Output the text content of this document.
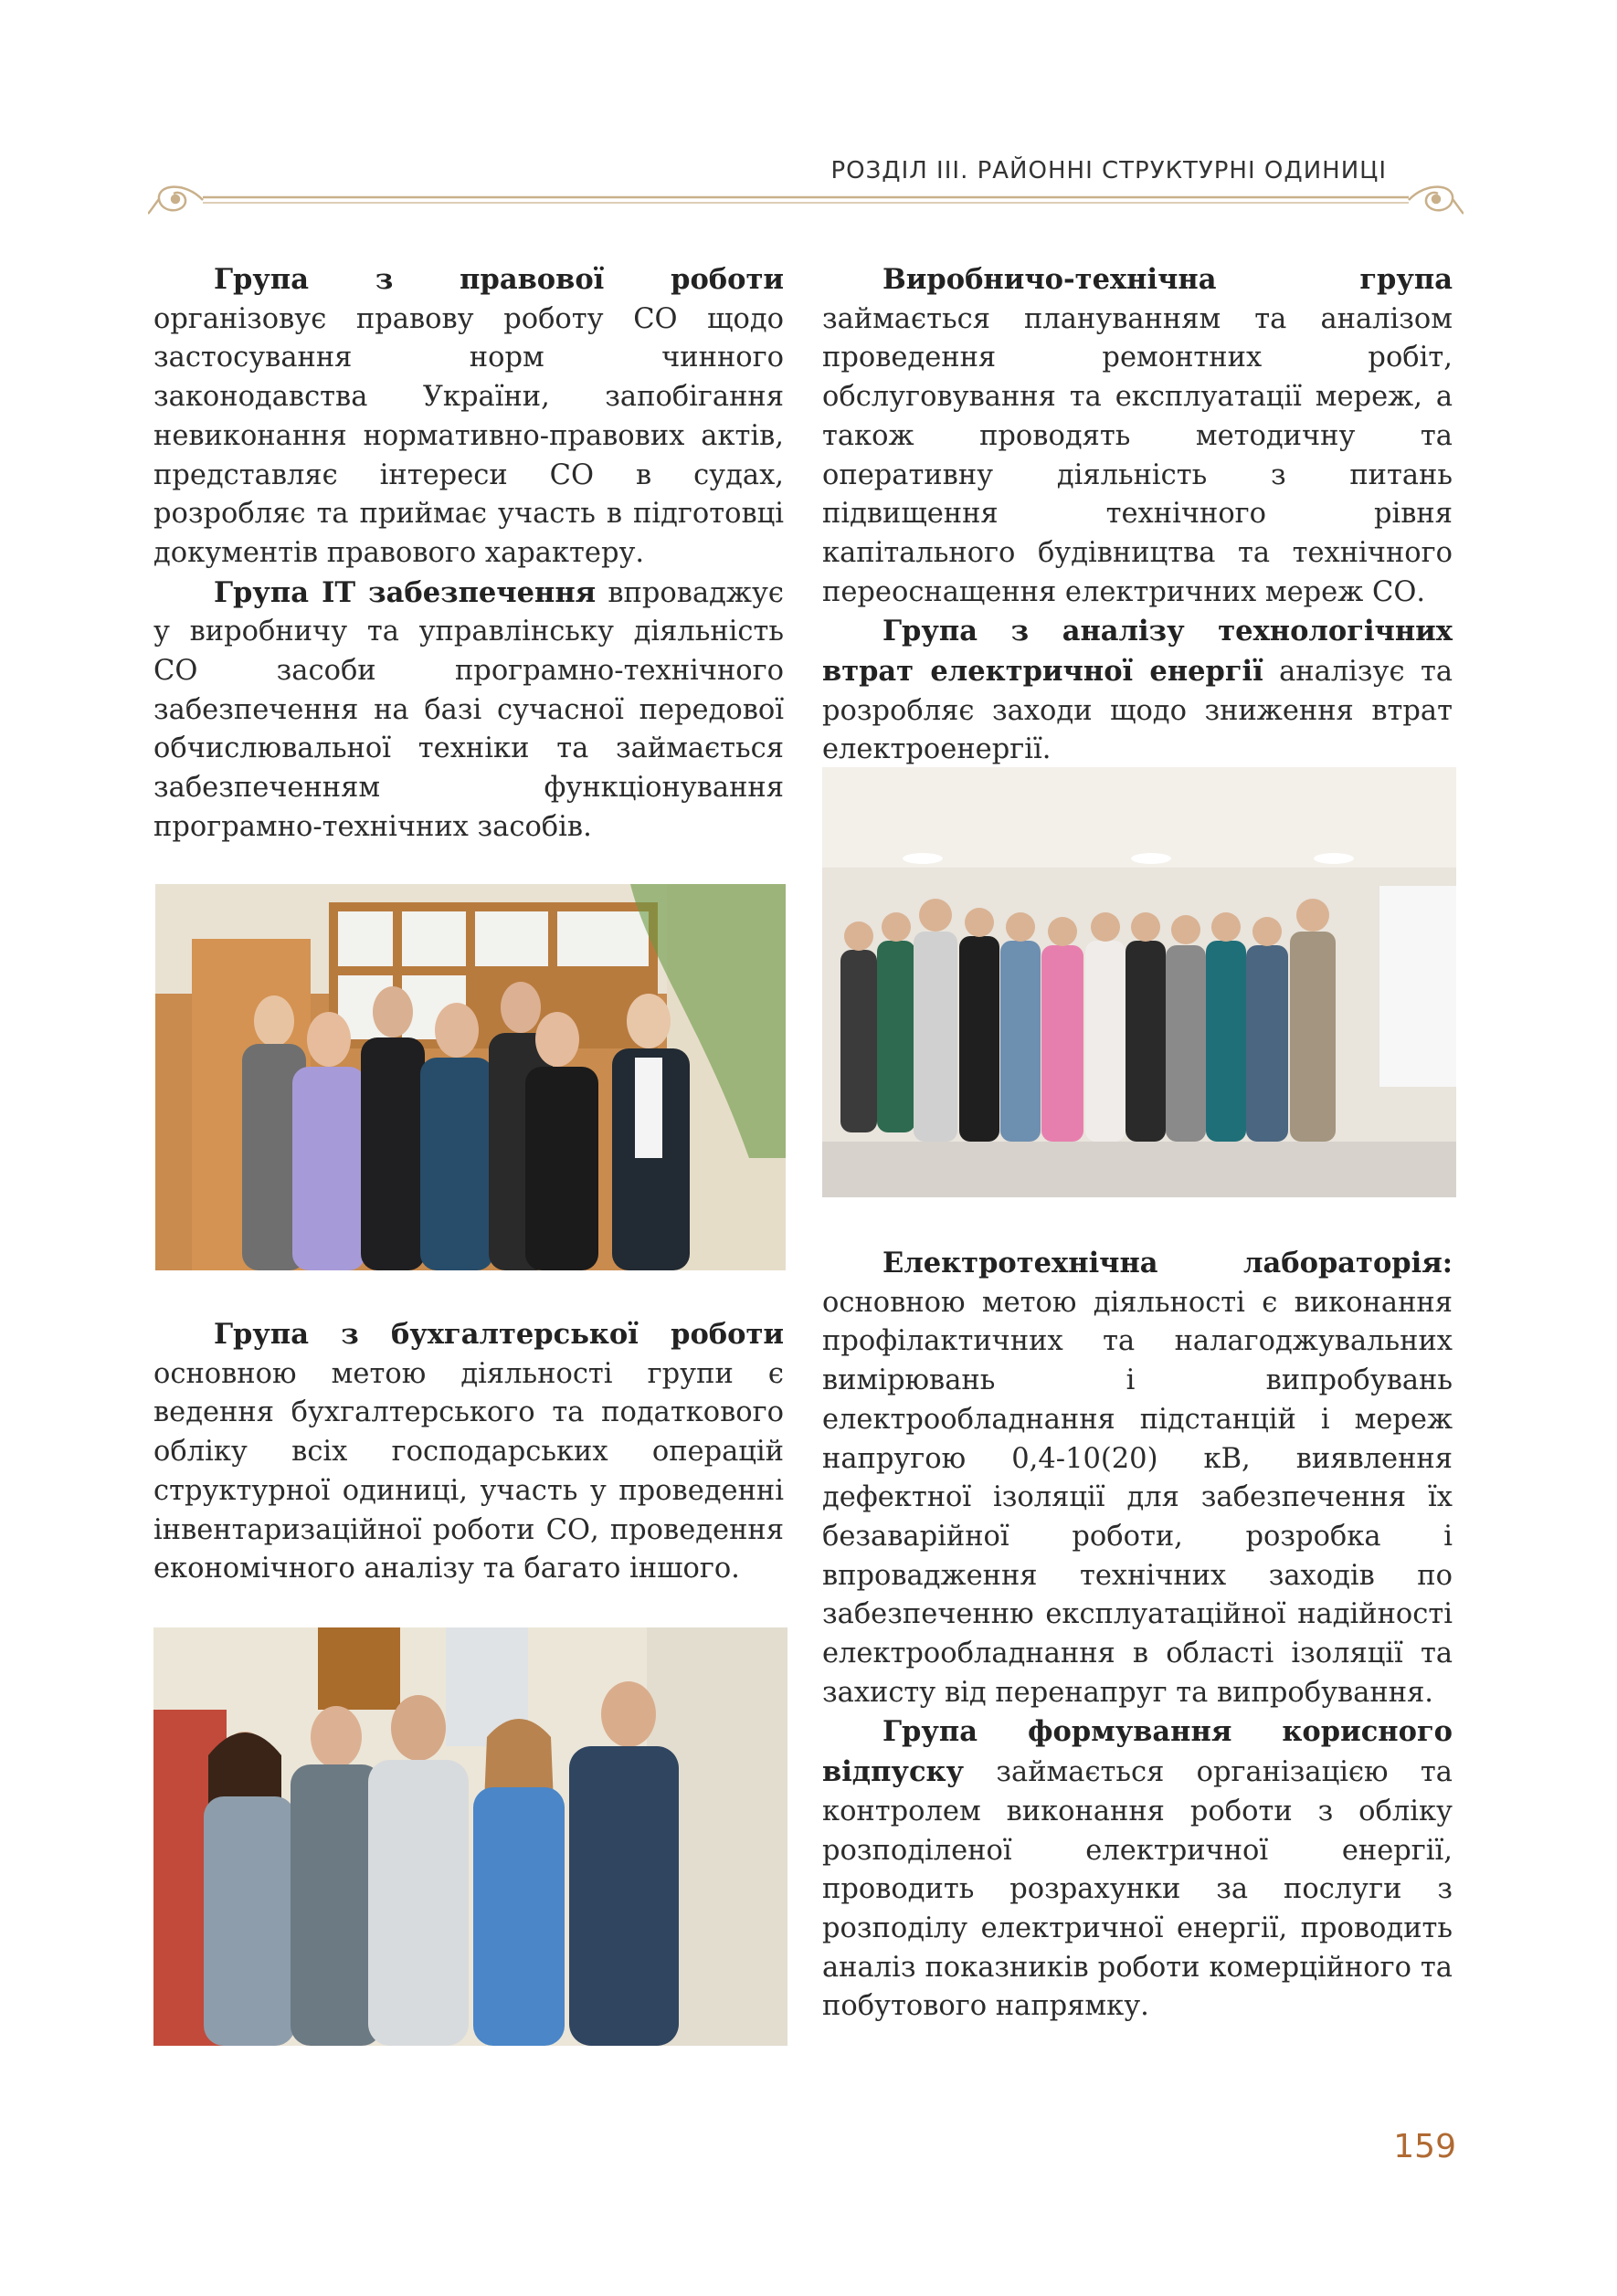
РОЗДІЛ ІІІ. РАЙОННІ СТРУКТУРНІ ОДИНИЦІ

Група з правової роботи організовує правову роботу СО щодо застосування норм чинного законодавства України, запобігання невиконання нормативно-правових актів, представляє інтереси СО в судах, розробляє та приймає участь в підготовці документів правового характеру.

Група ІТ забезпечення впроваджує у виробничу та управлінську діяльність СО засоби програмно-технічного забезпечення на базі сучасної передової обчислювальної техніки та займається забезпеченням функціонування програмно-технічних засобів.

Група з бухгалтерської роботи основною метою діяльності групи є ведення бухгалтерського та податкового обліку всіх господарських операцій структурної одиниці, участь у проведенні інвентаризаційної роботи СО, проведення економічного аналізу та багато іншого.

Виробничо-технічна група займається плануванням та аналізом проведення ремонтних робіт, обслуговування та експлуатації мереж, а також проводять методичну та оперативну діяльність з питань підвищення технічного рівня капітального будівництва та технічного переоснащення електричних мереж СО.

Група з аналізу технологічних втрат електричної енергії аналізує та розробляє заходи щодо зниження втрат електроенергії.

Електротехнічна лабораторія: основною метою діяльності є виконання профілактичних та налагоджувальних вимірювань і випробувань електрообладнання підстанцій і мереж напругою 0,4-10(20) кВ, виявлення дефектної ізоляції для забезпечення їх безаварійної роботи, розробка і впровадження технічних заходів по забезпеченню експлуатаційної надійності електрообладнання в області ізоляції та захисту від перенапруг та випробування.

Група формування корисного відпуску займається організацією та контролем виконання роботи з обліку розподіленої електричної енергії, проводить розрахунки за послуги з розподілу електричної енергії, проводить аналіз показників роботи комерційного та побутового напрямку.

159
